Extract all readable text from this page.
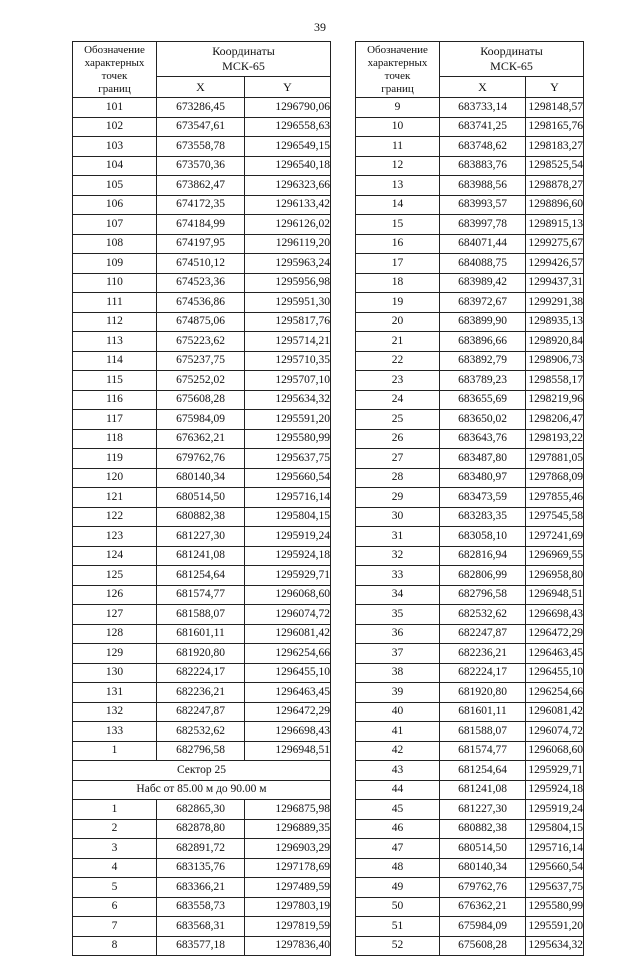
39
Обозначение
характерных
точек
границ	Координаты
МСК-65	
	X	Y
101	673286,45	1296790,06
102	673547,61	1296558,63
103	673558,78	1296549,15
104	673570,36	1296540,18
105	673862,47	1296323,66
106	674172,35	1296133,42
107	674184,99	1296126,02
108	674197,95	1296119,20
109	674510,12	1295963,24
110	674523,36	1295956,98
111	674536,86	1295951,30
112	674875,06	1295817,76
113	675223,62	1295714,21
114	675237,75	1295710,35
115	675252,02	1295707,10
116	675608,28	1295634,32
117	675984,09	1295591,20
118	676362,21	1295580,99
119	679762,76	1295637,75
120	680140,34	1295660,54
121	680514,50	1295716,14
122	680882,38	1295804,15
123	681227,30	1295919,24
124	681241,08	1295924,18
125	681254,64	1295929,71
126	681574,77	1296068,60
127	681588,07	1296074,72
128	681601,11	1296081,42
129	681920,80	1296254,66
130	682224,17	1296455,10
131	682236,21	1296463,45
132	682247,87	1296472,29
133	682532,62	1296698,43
1	682796,58	1296948,51
Сектор 25		
Набс от 85.00 м до 90.00 м		
1	682865,30	1296875,98
2	682878,80	1296889,35
3	682891,72	1296903,29
4	683135,76	1297178,69
5	683366,21	1297489,59
6	683558,73	1297803,19
7	683568,31	1297819,59
8	683577,18	1297836,40
Обозначение
характерных
точек
границ	Координаты
МСК-65	
	X	Y
9	683733,14	1298148,57
10	683741,25	1298165,76
11	683748,62	1298183,27
12	683883,76	1298525,54
13	683988,56	1298878,27
14	683993,57	1298896,60
15	683997,78	1298915,13
16	684071,44	1299275,67
17	684088,75	1299426,57
18	683989,42	1299437,31
19	683972,67	1299291,38
20	683899,90	1298935,13
21	683896,66	1298920,84
22	683892,79	1298906,73
23	683789,23	1298558,17
24	683655,69	1298219,96
25	683650,02	1298206,47
26	683643,76	1298193,22
27	683487,80	1297881,05
28	683480,97	1297868,09
29	683473,59	1297855,46
30	683283,35	1297545,58
31	683058,10	1297241,69
32	682816,94	1296969,55
33	682806,99	1296958,80
34	682796,58	1296948,51
35	682532,62	1296698,43
36	682247,87	1296472,29
37	682236,21	1296463,45
38	682224,17	1296455,10
39	681920,80	1296254,66
40	681601,11	1296081,42
41	681588,07	1296074,72
42	681574,77	1296068,60
43	681254,64	1295929,71
44	681241,08	1295924,18
45	681227,30	1295919,24
46	680882,38	1295804,15
47	680514,50	1295716,14
48	680140,34	1295660,54
49	679762,76	1295637,75
50	676362,21	1295580,99
51	675984,09	1295591,20
52	675608,28	1295634,32
